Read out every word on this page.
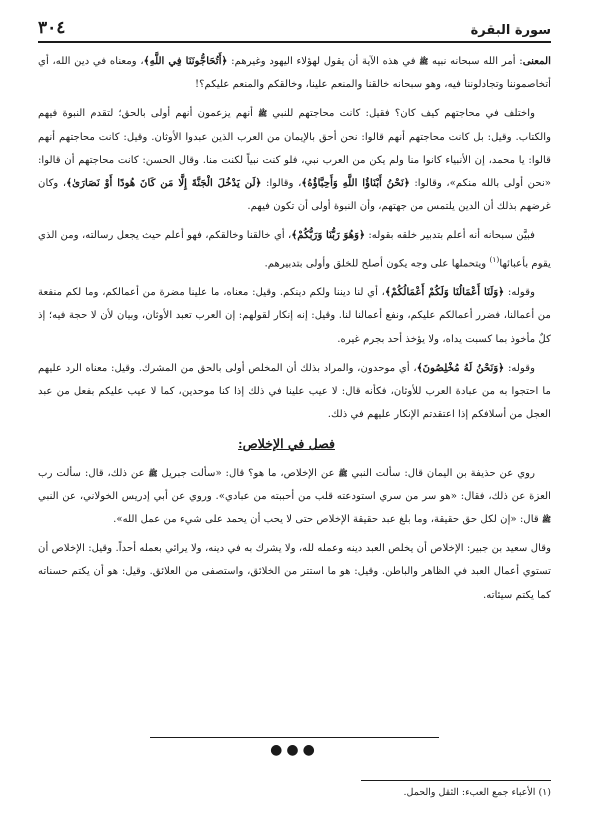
سورة البقرة
٣٠٤

المعنى: أمر الله سبحانه نبيه ﷺ في هذه الآية أن يقول لهؤلاء اليهود وغيرهم: ﴿أَتُحَاجُّونَنَا فِي اللَّهِ﴾، ومعناه في دين الله، أي أتخاصموننا وتجادلوننا فيه، وهو سبحانه خالقنا والمنعم علينا، وخالقكم والمنعم عليكم؟!

واختلف في محاجتهم كيف كان؟ فقيل: كانت محاجتهم للنبي ﷺ أنهم يزعمون أنهم أولى بالحق؛ لتقدم النبوة فيهم والكتاب. وقيل: بل كانت محاجتهم أنهم قالوا: نحن أحق بالإيمان من العرب الذين عبدوا الأوثان. وقيل: كانت محاجتهم أنهم قالوا: يا محمد، إن الأنبياء كانوا منا ولم يكن من العرب نبي، فلو كنت نبياً لكنت منا. وقال الحسن: كانت محاجتهم أن قالوا: «نحن أولى بالله منكم»، وقالوا: ﴿نَحْنُ أَبْنَاؤُا اللَّهِ وَأَحِبَّاؤُهُ﴾، وقالوا: ﴿لَن يَدْخُلَ الْجَنَّةَ إِلَّا مَن كَانَ هُودًا أَوْ نَصَارَىٰ﴾، وكان غرضهم بذلك أن الدين يلتمس من جهتهم، وأن النبوة أولى أن تكون فيهم.

فبيَّن سبحانه أنه أعلم بتدبير خلقه بقوله: ﴿وَهُوَ رَبُّنَا وَرَبُّكُمْ﴾، أي خالقنا وخالقكم، فهو أعلم حيث يجعل رسالته، ومن الذي يقوم بأعبائها$^{(١)}$ ويتحملها على وجه يكون أصلح للخلق وأولى بتدبيرهم.

وقوله: ﴿وَلَنَا أَعْمَالُنَا وَلَكُمْ أَعْمَالُكُمْ﴾، أي لنا ديننا ولكم دينكم. وقيل: معناه، ما علينا مضرة من أعمالكم، وما لكم منفعة من أعمالنا، فضرر أعمالكم عليكم، ونفع أعمالنا لنا. وقيل: إنه إنكار لقولهم: إن العرب تعبد الأوثان، وبيان لأن لا حجة فيه؛ إذ كلٌ مأخوذ بما كسبت يداه، ولا يؤخذ أحد بجرم غيره.

وقوله: ﴿وَنَحْنُ لَهُ مُخْلِصُونَ﴾، أي موحدون، والمراد بذلك أن المخلص أولى بالحق من المشرك. وقيل: معناه الرد عليهم ما احتجوا به من عبادة العرب للأوثان، فكأنه قال: لا عيب علينا في ذلك إذا كنا موحدين، كما لا عيب عليكم بفعل من عبد العجل من أسلافكم إذا اعتقدتم الإنكار عليهم في ذلك.

فصل في الإخلاص:

روي عن حذيفة بن اليمان قال: سألت النبي ﷺ عن الإخلاص، ما هو؟ قال: «سألت جبريل ﷺ عن ذلك، قال: سألت رب العزة عن ذلك، فقال: «هو سر من سري استودعته قلب من أحببته من عبادي». وروي عن أبي إدريس الخولاني، عن النبي ﷺ قال: «إن لكل حق حقيقة، وما بلغ عبد حقيقة الإخلاص حتى لا يحب أن يحمد على شيء من عمل الله».

وقال سعيد بن جبير: الإخلاص أن يخلص العبد دينه وعمله لله، ولا يشرك به في دينه، ولا يرائي بعمله أحداً. وقيل: الإخلاص أن تستوي أعمال العبد في الظاهر والباطن. وقيل: هو ما استتر من الخلائق، واستصفى من العلائق. وقيل: هو أن يكتم حسناته كما يكتم سيئاته.

●●●
(١) الأعباء جمع العبء: الثقل والحمل.
